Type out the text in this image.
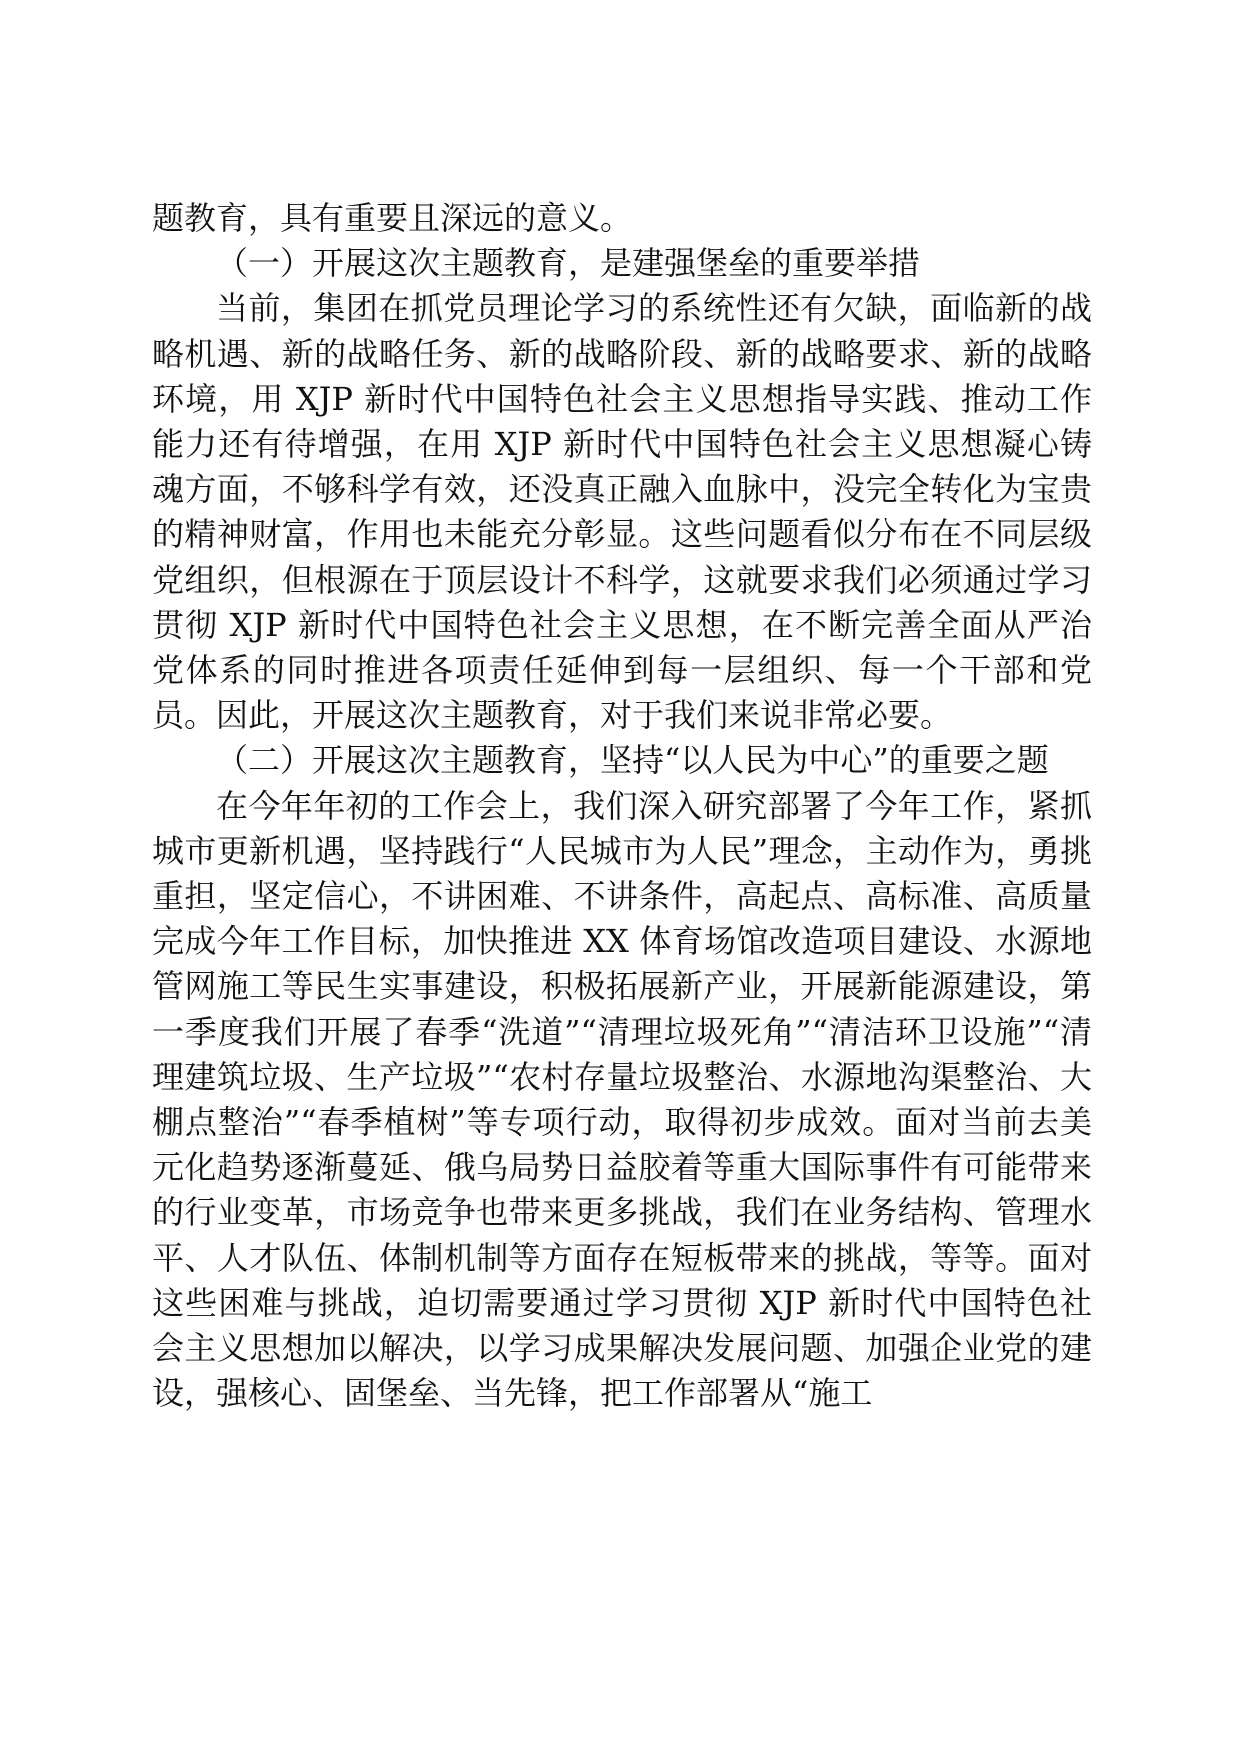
题教育，具有重要且深远的意义。

（一）开展这次主题教育，是建强堡垒的重要举措

当前，集团在抓党员理论学习的系统性还有欠缺，面临新的战略机遇、新的战略任务、新的战略阶段、新的战略要求、新的战略环境，用 XJP 新时代中国特色社会主义思想指导实践、推动工作能力还有待增强，在用 XJP 新时代中国特色社会主义思想凝心铸魂方面，不够科学有效，还没真正融入血脉中，没完全转化为宝贵的精神财富，作用也未能充分彰显。这些问题看似分布在不同层级党组织，但根源在于顶层设计不科学，这就要求我们必须通过学习贯彻 XJP 新时代中国特色社会主义思想，在不断完善全面从严治党体系的同时推进各项责任延伸到每一层组织、每一个干部和党员。因此，开展这次主题教育，对于我们来说非常必要。

（二）开展这次主题教育，坚持“以人民为中心”的重要之题

在今年年初的工作会上，我们深入研究部署了今年工作，紧抓城市更新机遇，坚持践行“人民城市为人民”理念，主动作为，勇挑重担，坚定信心，不讲困难、不讲条件，高起点、高标准、高质量完成今年工作目标，加快推进 XX 体育场馆改造项目建设、水源地管网施工等民生实事建设，积极拓展新产业，开展新能源建设，第一季度我们开展了春季“洗道”“清理垃圾死角”“清洁环卫设施”“清理建筑垃圾、生产垃圾”“农村存量垃圾整治、水源地沟渠整治、大棚点整治”“春季植树”等专项行动，取得初步成效。面对当前去美元化趋势逐渐蔓延、俄乌局势日益胶着等重大国际事件有可能带来的行业变革，市场竞争也带来更多挑战，我们在业务结构、管理水平、人才队伍、体制机制等方面存在短板带来的挑战，等等。面对这些困难与挑战，迫切需要通过学习贯彻 XJP 新时代中国特色社会主义思想加以解决，以学习成果解决发展问题、加强企业党的建设，强核心、固堡垒、当先锋，把工作部署从“施工
